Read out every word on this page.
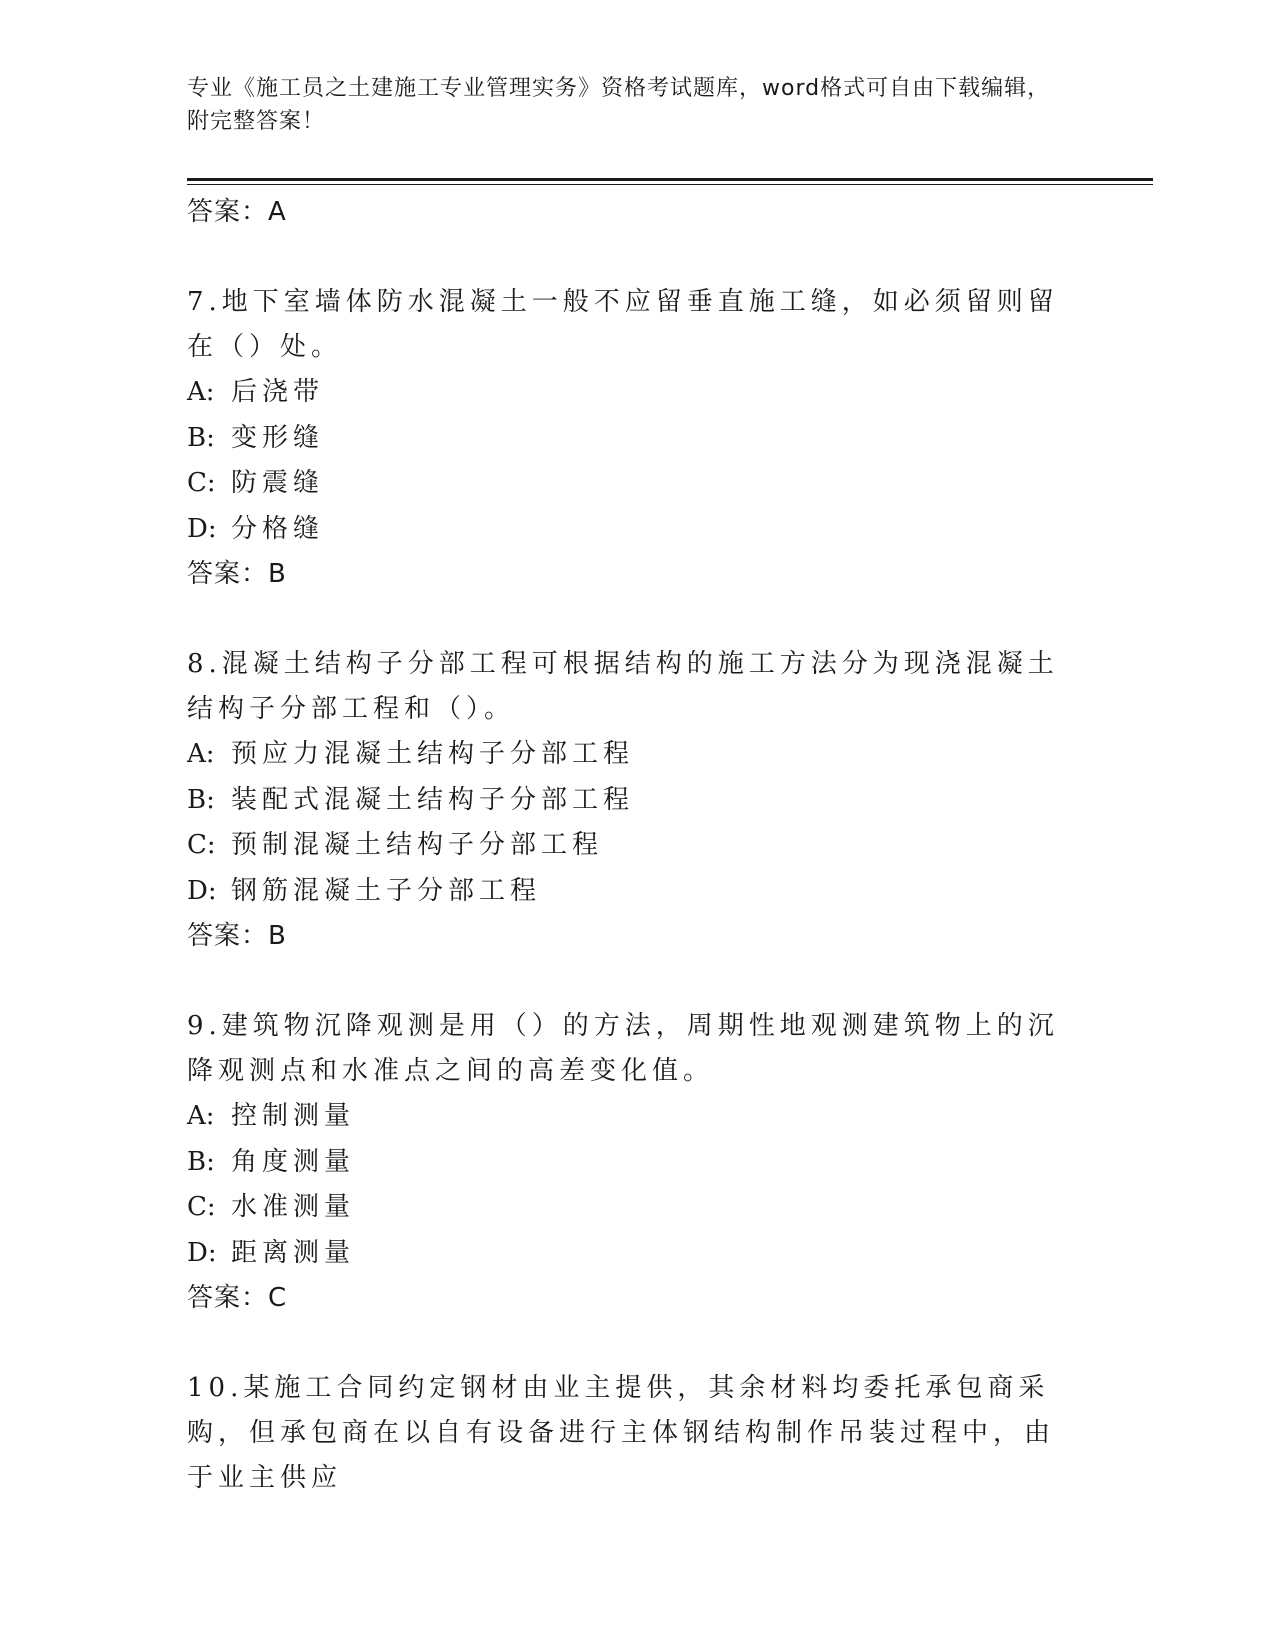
专业《施工员之土建施工专业管理实务》资格考试题库，word格式可自由下载编辑，附完整答案！

答案：A

7.地下室墙体防水混凝土一般不应留垂直施工缝，如必须留则留在（）处。

A: 后浇带

B: 变形缝

C: 防震缝

D: 分格缝

答案：B

8.混凝土结构子分部工程可根据结构的施工方法分为现浇混凝土结构子分部工程和（）。

A: 预应力混凝土结构子分部工程

B: 装配式混凝土结构子分部工程

C: 预制混凝土结构子分部工程

D: 钢筋混凝土子分部工程

答案：B

9.建筑物沉降观测是用（）的方法，周期性地观测建筑物上的沉降观测点和水准点之间的高差变化值。

A: 控制测量

B: 角度测量

C: 水准测量

D: 距离测量

答案：C

10.某施工合同约定钢材由业主提供，其余材料均委托承包商采购，但承包商在以自有设备进行主体钢结构制作吊装过程中，由于业主供应
